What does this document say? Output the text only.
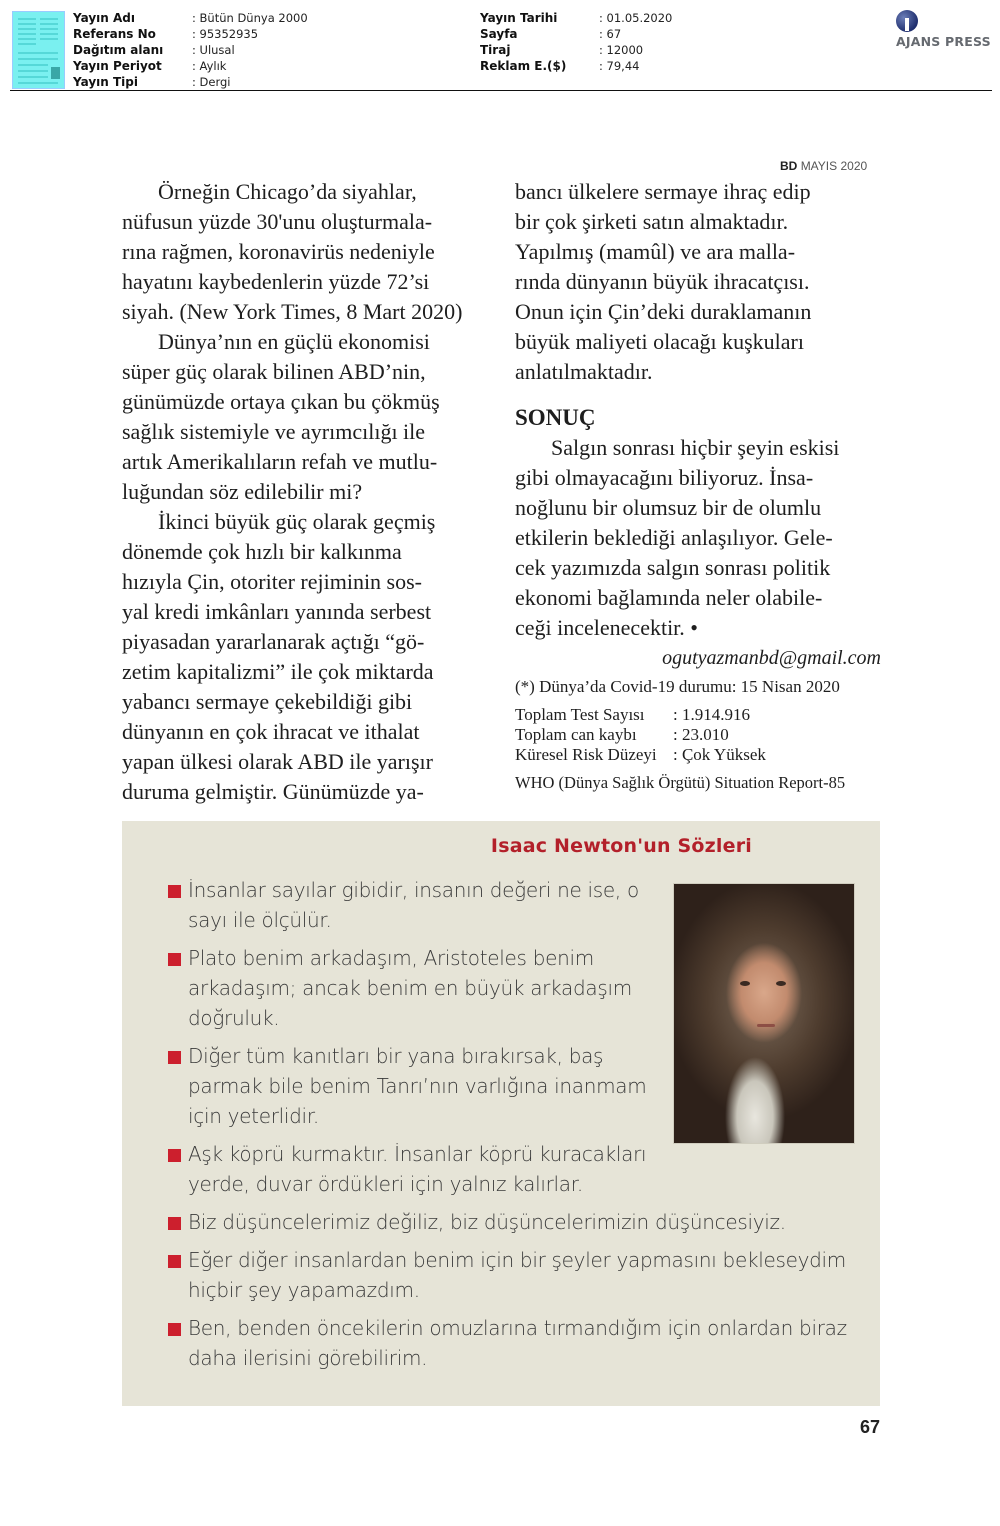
Yayın Adı	: Bütün Dünya 2000
Referans No	: 95352935
Dağıtım alanı	: Ulusal
Yayın Periyot	: Aylık
Yayın Tipi	: Dergi
Yayın Tarihi	: 01.05.2020
Sayfa	: 67
Tiraj	: 12000
Reklam E.($)	: 79,44
AJANS PRESS
BD MAYIS 2020
Örneğin Chicago’da siyahlar,
nüfusun yüzde 30'unu oluşturmala-
rına rağmen, koronavirüs nedeniyle
hayatını kaybedenlerin yüzde 72’si
siyah. (New York Times, 8 Mart 2020)
Dünya’nın en güçlü ekonomisi
süper güç olarak bilinen ABD’nin,
günümüzde ortaya çıkan bu çökmüş
sağlık sistemiyle ve ayrımcılığı ile
artık Amerikalıların refah ve mutlu-
luğundan söz edilebilir mi?
İkinci büyük güç olarak geçmiş
dönemde çok hızlı bir kalkınma
hızıyla Çin, otoriter rejiminin sos-
yal kredi imkânları yanında serbest
piyasadan yararlanarak açtığı “gö-
zetim kapitalizmi” ile çok miktarda
yabancı sermaye çekebildiği gibi
dünyanın en çok ihracat ve ithalat
yapan ülkesi olarak ABD ile yarışır
duruma gelmiştir. Günümüzde ya-
bancı ülkelere sermaye ihraç edip
bir çok şirketi satın almaktadır.
Yapılmış (mamûl) ve ara malla-
rında dünyanın büyük ihracatçısı.
Onun için Çin’deki duraklamanın
büyük maliyeti olacağı kuşkuları
anlatılmaktadır.
SONUÇ
Salgın sonrası hiçbir şeyin eskisi
gibi olmayacağını biliyoruz. İnsa-
noğlunu bir olumsuz bir de olumlu
etkilerin beklediği anlaşılıyor. Gele-
cek yazımızda salgın sonrası politik
ekonomi bağlamında neler olabile-
ceği incelenecektir. •
ogutyazmanbd@gmail.com
(*) Dünya’da Covid-19 durumu: 15 Nisan 2020
Toplam Test Sayısı	: 1.914.916
Toplam can kaybı	: 23.010
Küresel Risk Düzeyi : Çok Yüksek
WHO (Dünya Sağlık Örgütü) Situation Report-85
Isaac Newton'un Sözleri
İnsanlar sayılar gibidir, insanın değeri ne ise, o
sayı ile ölçülür.
Plato benim arkadaşım, Aristoteles benim
arkadaşım; ancak benim en büyük arkadaşım
doğruluk.
Diğer tüm kanıtları bir yana bırakırsak, baş
parmak bile benim Tanrı’nın varlığına inanmam
için yeterlidir.
Aşk köprü kurmaktır. İnsanlar köprü kuracakları
yerde, duvar ördükleri için yalnız kalırlar.
Biz düşüncelerimiz değiliz, biz düşüncelerimizin düşüncesiyiz.
Eğer diğer insanlardan benim için bir şeyler yapmasını bekleseydim
hiçbir şey yapamazdım.
Ben, benden öncekilerin omuzlarına tırmandığım için onlardan biraz
daha ilerisini görebilirim.
67
